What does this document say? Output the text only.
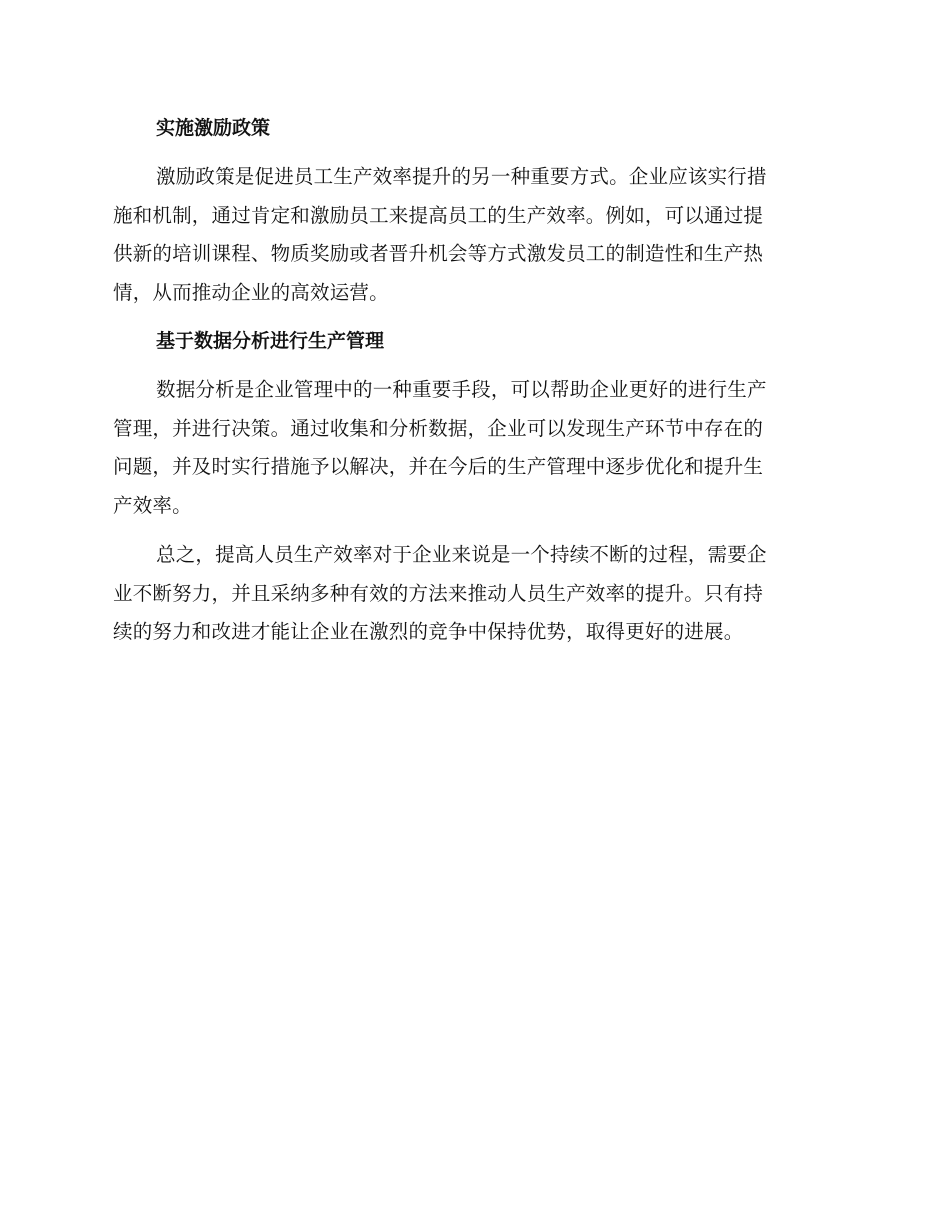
实施激励政策
激励政策是促进员工生产效率提升的另一种重要方式。企业应该实行措
施和机制，通过肯定和激励员工来提高员工的生产效率。例如，可以通过提
供新的培训课程、物质奖励或者晋升机会等方式激发员工的制造性和生产热
情，从而推动企业的高效运营。
基于数据分析进行生产管理
数据分析是企业管理中的一种重要手段，可以帮助企业更好的进行生产
管理，并进行决策。通过收集和分析数据，企业可以发现生产环节中存在的
问题，并及时实行措施予以解决，并在今后的生产管理中逐步优化和提升生
产效率。
总之，提高人员生产效率对于企业来说是一个持续不断的过程，需要企
业不断努力，并且采纳多种有效的方法来推动人员生产效率的提升。只有持
续的努力和改进才能让企业在激烈的竞争中保持优势，取得更好的进展。
